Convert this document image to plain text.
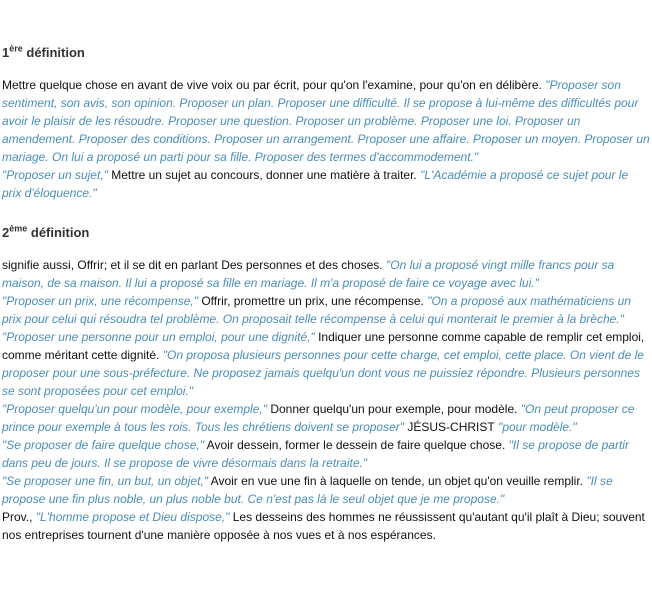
1ère définition

Mettre quelque chose en avant de vive voix ou par écrit, pour qu'on l'examine, pour qu'on en délibère. "Proposer son sentiment, son avis, son opinion. Proposer un plan. Proposer une difficulté. Il se propose à lui-même des difficultés pour avoir le plaisir de les résoudre. Proposer une question. Proposer un problème. Proposer une loi. Proposer un amendement. Proposer des conditions. Proposer un arrangement. Proposer une affaire. Proposer un moyen. Proposer un mariage. On lui a proposé un parti pour sa fille. Proposer des termes d'accommodement."

"Proposer un sujet," Mettre un sujet au concours, donner une matière à traiter. "L'Académie a proposé ce sujet pour le prix d'éloquence."

2ème définition

signifie aussi, Offrir; et il se dit en parlant Des personnes et des choses. "On lui a proposé vingt mille francs pour sa maison, de sa maison. Il lui a proposé sa fille en mariage. Il m'a proposé de faire ce voyage avec lui."

"Proposer un prix, une récompense," Offrir, promettre un prix, une récompense. "On a proposé aux mathématiciens un prix pour celui qui résoudra tel problème. On proposait telle récompense à celui qui monterait le premier à la brèche."

"Proposer une personne pour un emploi, pour une dignité," Indiquer une personne comme capable de remplir cet emploi, comme méritant cette dignité. "On proposa plusieurs personnes pour cette charge, cet emploi, cette place. On vient de le proposer pour une sous-préfecture. Ne proposez jamais quelqu'un dont vous ne puissiez répondre. Plusieurs personnes se sont proposées pour cet emploi."

"Proposer quelqu'un pour modèle, pour exemple," Donner quelqu'un pour exemple, pour modèle. "On peut proposer ce prince pour exemple à tous les rois. Tous les chrétiens doivent se proposer" JÉSUS-CHRIST "pour modèle."

"Se proposer de faire quelque chose," Avoir dessein, former le dessein de faire quelque chose. "Il se propose de partir dans peu de jours. Il se propose de vivre désormais dans la retraite."

"Se proposer une fin, un but, un objet," Avoir en vue une fin à laquelle on tende, un objet qu'on veuille remplir. "Il se propose une fin plus noble, un plus noble but. Ce n'est pas là le seul objet que je me propose."

Prov., "L'homme propose et Dieu dispose," Les desseins des hommes ne réussissent qu'autant qu'il plaît à Dieu; souvent nos entreprises tournent d'une manière opposée à nos vues et à nos espérances.
